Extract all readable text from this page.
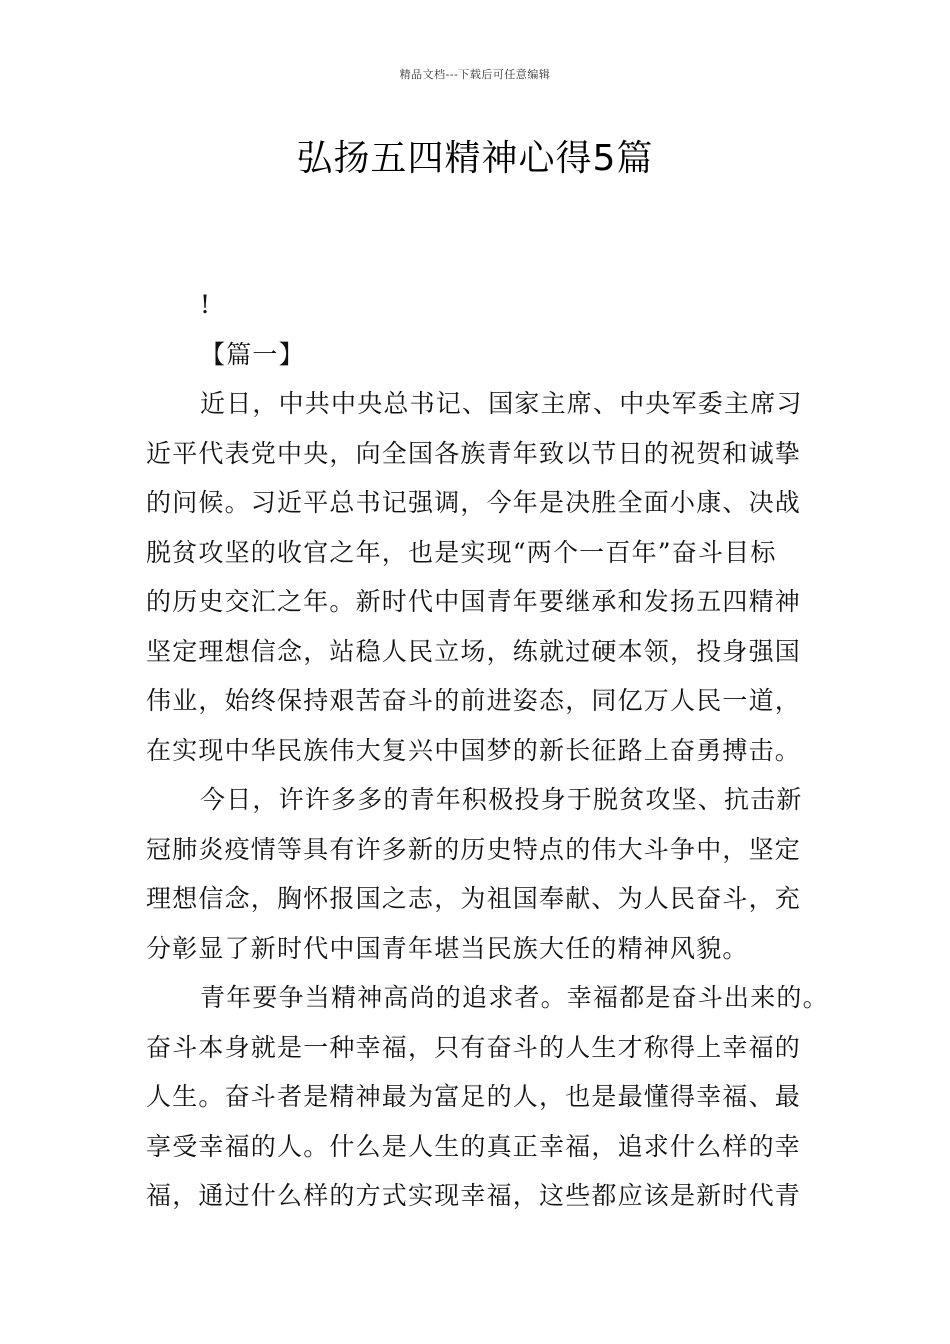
精品文档---下载后可任意编辑
弘扬五四精神心得5篇
!
【篇一】
近日，中共中央总书记、国家主席、中央军委主席习
近平代表党中央，向全国各族青年致以节日的祝贺和诚挚
的问候。习近平总书记强调，今年是决胜全面小康、决战
脱贫攻坚的收官之年，也是实现“两个一百年”奋斗目标
的历史交汇之年。新时代中国青年要继承和发扬五四精神
坚定理想信念，站稳人民立场，练就过硬本领，投身强国
伟业，始终保持艰苦奋斗的前进姿态，同亿万人民一道，
在实现中华民族伟大复兴中国梦的新长征路上奋勇搏击。
今日，许许多多的青年积极投身于脱贫攻坚、抗击新
冠肺炎疫情等具有许多新的历史特点的伟大斗争中，坚定
理想信念，胸怀报国之志，为祖国奉献、为人民奋斗，充
分彰显了新时代中国青年堪当民族大任的精神风貌。
青年要争当精神高尚的追求者。幸福都是奋斗出来的。
奋斗本身就是一种幸福，只有奋斗的人生才称得上幸福的
人生。奋斗者是精神最为富足的人，也是最懂得幸福、最
享受幸福的人。什么是人生的真正幸福，追求什么样的幸
福，通过什么样的方式实现幸福，这些都应该是新时代青
